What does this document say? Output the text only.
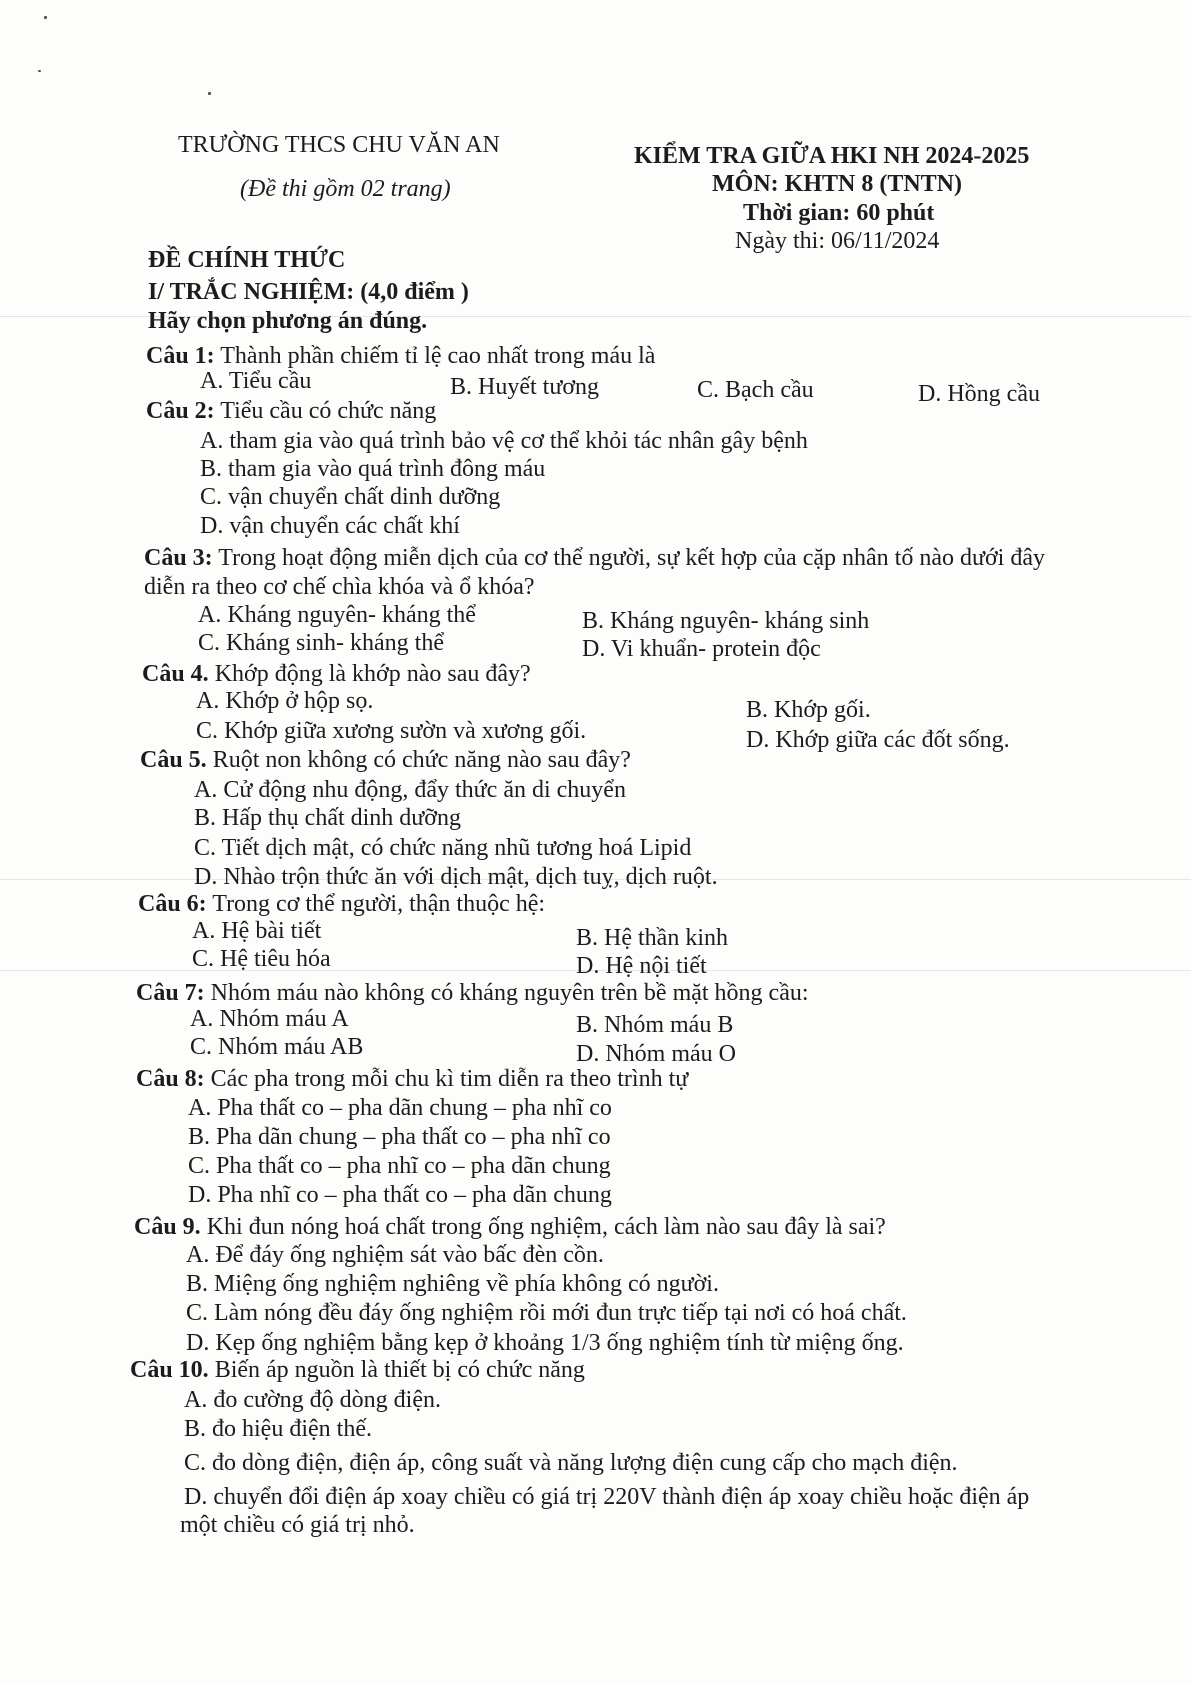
TRƯỜNG THCS CHU VĂN AN
(Đề thi gồm 02 trang)
KIỂM TRA GIỮA HKI NH 2024-2025
MÔN: KHTN 8 (TNTN)
Thời gian: 60 phút
Ngày thi: 06/11/2024
ĐỀ CHÍNH THỨC
I/ TRẮC NGHIỆM: (4,0 điểm )
Hãy chọn phương án đúng.
Câu 1: Thành phần chiếm tỉ lệ cao nhất trong máu là
A. Tiểu cầu	B. Huyết tương	C. Bạch cầu	D. Hồng cầu
Câu 2: Tiểu cầu có chức năng
A. tham gia vào quá trình bảo vệ cơ thể khỏi tác nhân gây bệnh
B. tham gia vào quá trình đông máu
C. vận chuyển chất dinh dưỡng
D. vận chuyển các chất khí
Câu 3: Trong hoạt động miễn dịch của cơ thể người, sự kết hợp của cặp nhân tố nào dưới đây
diễn ra theo cơ chế chìa khóa và ổ khóa?
A. Kháng nguyên- kháng thể	B. Kháng nguyên- kháng sinh
C. Kháng sinh- kháng thể	D. Vi khuẩn- protein độc
Câu 4. Khớp động là khớp nào sau đây?
A. Khớp ở hộp sọ.	B. Khớp gối.
C. Khớp giữa xương sườn và xương gối.	D. Khớp giữa các đốt sống.
Câu 5. Ruột non không có chức năng nào sau đây?
A. Cử động nhu động, đẩy thức ăn di chuyển
B. Hấp thụ chất dinh dưỡng
C. Tiết dịch mật, có chức năng nhũ tương hoá Lipid
D. Nhào trộn thức ăn với dịch mật, dịch tuỵ, dịch ruột.
Câu 6: Trong cơ thể người, thận thuộc hệ:
A. Hệ bài tiết	B. Hệ thần kinh
C. Hệ tiêu hóa	D. Hệ nội tiết
Câu 7: Nhóm máu nào không có kháng nguyên trên bề mặt hồng cầu:
A. Nhóm máu A	B. Nhóm máu B
C. Nhóm máu AB	D. Nhóm máu O
Câu 8: Các pha trong mỗi chu kì tim diễn ra theo trình tự
A. Pha thất co – pha dãn chung – pha nhĩ co
B. Pha dãn chung – pha thất co – pha nhĩ co
C. Pha thất co – pha nhĩ co – pha dãn chung
D. Pha nhĩ co – pha thất co – pha dãn chung
Câu 9. Khi đun nóng hoá chất trong ống nghiệm, cách làm nào sau đây là sai?
A. Để đáy ống nghiệm sát vào bấc đèn cồn.
B. Miệng ống nghiệm nghiêng về phía không có người.
C. Làm nóng đều đáy ống nghiệm rồi mới đun trực tiếp tại nơi có hoá chất.
D. Kẹp ống nghiệm bằng kẹp ở khoảng 1/3 ống nghiệm tính từ miệng ống.
Câu 10. Biến áp nguồn là thiết bị có chức năng
A. đo cường độ dòng điện.
B. đo hiệu điện thế.
C. đo dòng điện, điện áp, công suất và năng lượng điện cung cấp cho mạch điện.
D. chuyển đổi điện áp xoay chiều có giá trị 220V thành điện áp xoay chiều hoặc điện áp
một chiều có giá trị nhỏ.
